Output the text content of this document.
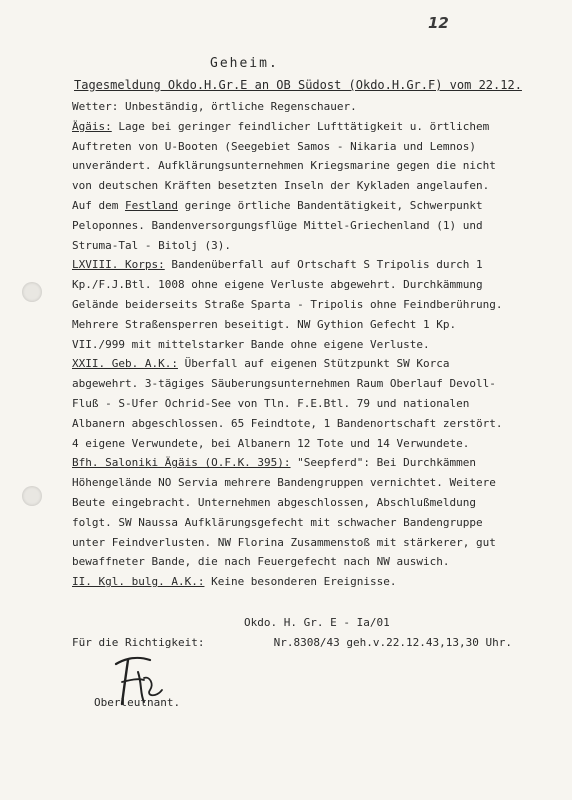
12
Geheim.
Tagesmeldung Okdo.H.Gr.E an OB Südost (Okdo.H.Gr.F) vom 22.12.

Wetter: Unbeständig, örtliche Regenschauer.

Ägäis: Lage bei geringer feindlicher Lufttätigkeit u. örtlichem Auftreten von U-Booten (Seegebiet Samos - Nikaria und Lemnos) unverändert. Aufklärungsunternehmen Kriegsmarine gegen die nicht von deutschen Kräften besetzten Inseln der Kykladen angelaufen.

Auf dem Festland geringe örtliche Bandentätigkeit, Schwerpunkt Peloponnes. Bandenversorgungsflüge Mittel-Griechenland (1) und Struma-Tal - Bitolj (3).

LXVIII. Korps: Bandenüberfall auf Ortschaft S Tripolis durch 1 Kp./F.J.Btl. 1008 ohne eigene Verluste abgewehrt. Durchkämmung Gelände beiderseits Straße Sparta - Tripolis ohne Feindberührung. Mehrere Straßensperren beseitigt. NW Gythion Gefecht 1 Kp. VII./999 mit mittelstarker Bande ohne eigene Verluste.

XXII. Geb. A.K.: Überfall auf eigenen Stützpunkt SW Korca abgewehrt. 3-tägiges Säuberungsunternehmen Raum Oberlauf Devoll-Fluß - S-Ufer Ochrid-See von Tln. F.E.Btl. 79 und nationalen Albanern abgeschlossen. 65 Feindtote, 1 Bandenortschaft zerstört. 4 eigene Verwundete, bei Albanern 12 Tote und 14 Verwundete.

Bfh. Saloniki Ägäis (O.F.K. 395): "Seepferd": Bei Durchkämmen Höhengelände NO Servia mehrere Bandengruppen vernichtet. Weitere Beute eingebracht. Unternehmen abgeschlossen, Abschlußmeldung folgt. SW Naussa Aufklärungsgefecht mit schwacher Bandengruppe unter Feindverlusten. NW Florina Zusammenstoß mit stärkerer, gut bewaffneter Bande, die nach Feuergefecht nach NW auswich.

II. Kgl. bulg. A.K.: Keine besonderen Ereignisse.

Okdo. H. Gr. E - Ia/01
Für die Richtigkeit:	Nr.8308/43 geh.v.22.12.43,13,30 Uhr.
Oberleutnant.
